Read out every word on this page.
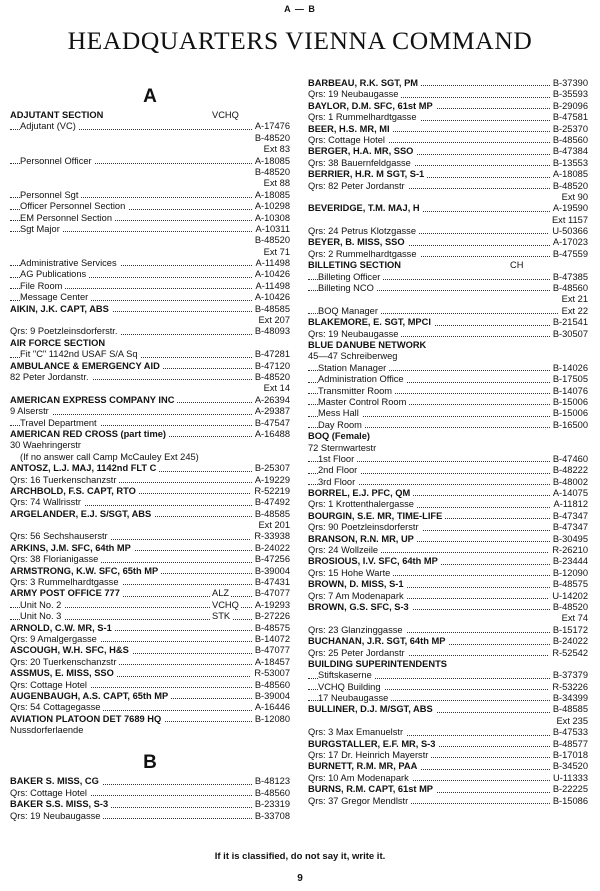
A — B
HEADQUARTERS VIENNA COMMAND
A
ADJUTANT SECTION	VCHQ
Adjutant (VC)	A-17476
B-48520
Ext 83
Personnel Officer	A-18085
B-48520
Ext 88
Personnel Sgt	A-18085
Officer Personnel Section	A-10298
EM Personnel Section	A-10308
Sgt Major	A-10311
B-48520
Ext 71
Administrative Services	A-11498
AG Publications	A-10426
File Room	A-11498
Message Center	A-10426
AIKIN, J.K. CAPT, ABS	B-48585
Ext 207
Qrs: 9 Poetzleinsdorferstr.	B-48093
AIR FORCE SECTION
Fit "C" 1142nd USAF S/A Sq	B-47281
AMBULANCE & EMERGENCY AID	B-47120
82 Peter Jordanstr.	B-48520
Ext 14
AMERICAN EXPRESS COMPANY INC	A-26394
9 Alserstr	A-29387
Travel Department	B-47547
AMERICAN RED CROSS (part time)	A-16488
30 Waehringerstr
(If no answer call Camp McCauley Ext 245)
ANTOSZ, L.J. MAJ, 1142nd FLT C	B-25307
Qrs: 16 Tuerkenschanzstr	A-19229
ARCHBOLD, F.S. CAPT, RTO	R-52219
Qrs: 74 Wallrisstr	B-47492
ARGELANDER, E.J. S/SGT, ABS	B-48585
Ext 201
Qrs: 56 Sechshauserstr	R-33938
ARKINS, J.M. SFC, 64th MP	B-24022
Qrs: 38 Florianigasse	B-47256
ARMSTRONG, K.W. SFC, 65th MP	B-39004
Qrs: 3 Rummelhardtgasse	B-47431
ARMY POST OFFICE 777	ALZ	B-47077
Unit No. 2	VCHQ	A-19293
Unit No. 3	STK	B-27226
ARNOLD, C.W. MR, S-1	B-48575
Qrs: 9 Amalgergasse	B-14072
ASCOUGH, W.H. SFC, H&S	B-47077
Qrs: 20 Tuerkenschanzstr	A-18457
ASSMUS, E. MISS, SSO	R-53007
Qrs: Cottage Hotel	B-48560
AUGENBAUGH, A.S. CAPT, 65th MP	B-39004
Qrs: 54 Cottagegasse	A-16446
AVIATION PLATOON DET 7689 HQ	B-12080
Nussdorferlaende
B
BAKER S. MISS, CG	B-48123
Qrs: Cottage Hotel	B-48560
BAKER S.S. MISS, S-3	B-23319
Qrs: 19 Neubaugasse	B-33708
BARBEAU, R.K. SGT, PM	B-37390
Qrs: 19 Neubaugasse	B-35593
BAYLOR, D.M. SFC, 61st MP	B-29096
Qrs: 1 Rummelhardtgasse	B-47581
BEER, H.S. MR, MI	B-25370
Qrs: Cottage Hotel	B-48560
BERGER, H.A. MR, SSO	B-47384
Qrs: 38 Bauernfeldgasse	B-13553
BERRIER, H.R. M SGT, S-1	A-18085
Qrs: 82 Peter Jordanstr	B-48520
Ext 90
BEVERIDGE, T.M. MAJ, H	A-19590
Ext 1157
Qrs: 24 Petrus Klotzgasse	U-50366
BEYER, B. MISS, SSO	A-17023
Qrs: 2 Rummelhardtgasse	B-47559
BILLETING SECTION	CH
Billeting Officer	B-47385
Billeting NCO	B-48560
Ext 21
BOQ Manager	Ext 22
BLAKEMORE, E. SGT, MPCI	B-21541
Qrs: 19 Neubaugasse	B-30507
BLUE DANUBE NETWORK
45—47 Schreiberweg
Station Manager	B-14026
Administration Office	B-17505
Transmitter Room	B-14076
Master Control Room	B-15006
Mess Hall	B-15006
Day Room	B-16500
BOQ (Female)
72 Sternwartestr
1st Floor	B-47460
2nd Floor	B-48222
3rd Floor	B-48002
BORREL, E.J. PFC, QM	A-14075
Qrs: 1 Krottenthalergasse	A-11812
BOURGIN, S.E. MR, TIME-LIFE	B-47347
Qrs: 90 Poetzleinsdorferstr	B-47347
BRANSON, R.N. MR, UP	B-30495
Qrs: 24 Wollzeile	R-26210
BROSIOUS, I.V. SFC, 64th MP	B-23444
Qrs: 15 Hohe Warte	B-12090
BROWN, D. MISS, S-1	B-48575
Qrs: 7 Am Modenapark	U-14202
BROWN, G.S. SFC, S-3	B-48520
Ext 74
Qrs: 23 Glanzinggasse	B-15172
BUCHANAN, J.R. SGT, 64th MP	B-24022
Qrs: 25 Peter Jordanstr	R-52542
BUILDING SUPERINTENDENTS
Stiftskaserne	B-37379
VCHQ Building	R-53226
17 Neubaugasse	B-34399
BULLINER, D.J. M/SGT, ABS	B-48585
Ext 235
Qrs: 3 Max Emanuelstr	B-47533
BURGSTALLER, E.F. MR, S-3	B-48577
Qrs: 17 Dr. Heinrich Mayerstr	B-17018
BURNETT, R.M. MR, PAA	B-34520
Qrs: 10 Am Modenapark	U-11333
BURNS, R.M. CAPT, 61st MP	B-22225
Qrs: 37 Gregor Mendlstr	B-15086
If it is classified, do not say it, write it.
9
